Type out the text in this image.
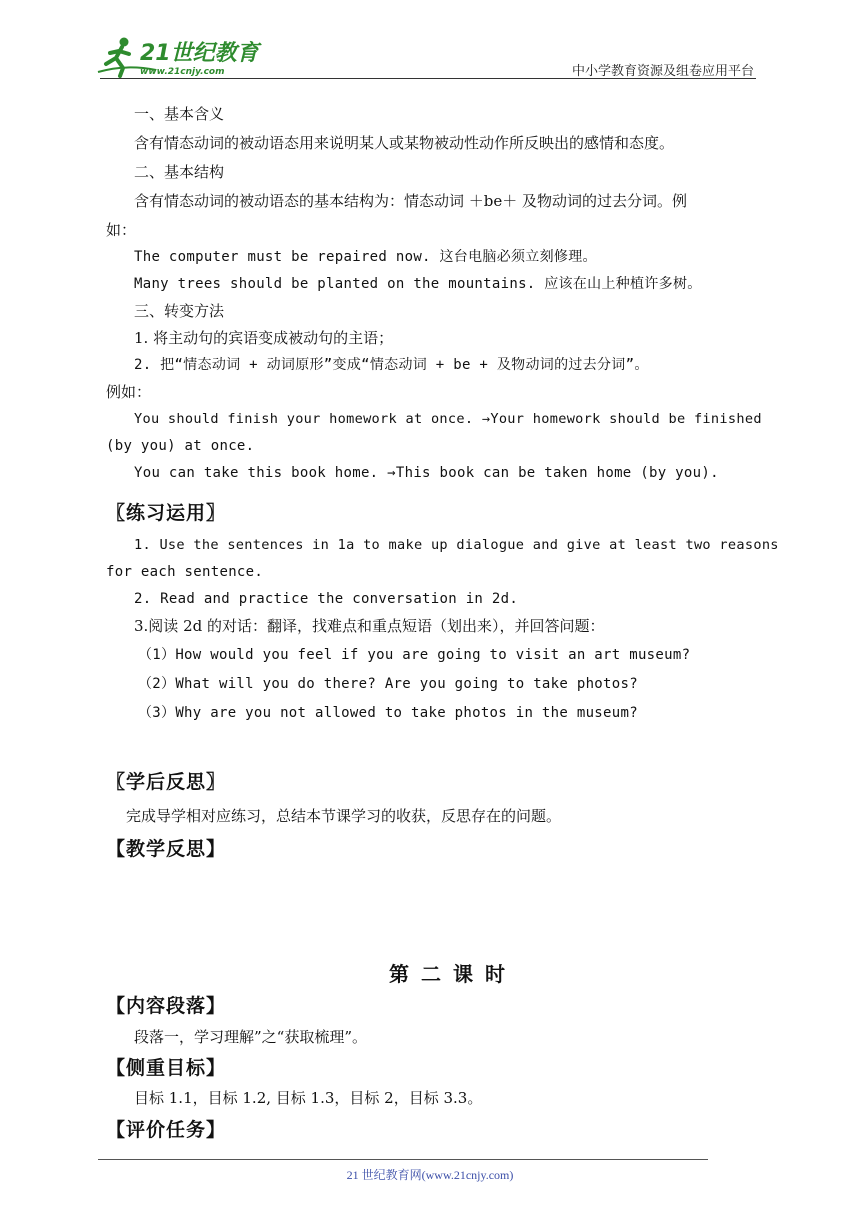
21世纪教育
www.21cnjy.com	中小学教育资源及组卷应用平台
一、基本含义
含有情态动词的被动语态用来说明某人或某物被动性动作所反映出的感情和态度。
二、基本结构
含有情态动词的被动语态的基本结构为：情态动词 ＋be＋ 及物动词的过去分词。例
如：
The computer must be repaired now. 这台电脑必须立刻修理。
Many trees should be planted on the mountains. 应该在山上种植许多树。
三、转变方法
1. 将主动句的宾语变成被动句的主语；
2. 把“情态动词 + 动词原形”变成“情态动词 + be + 及物动词的过去分词”。
例如：
You should finish your homework at once. →Your homework should be finished
(by you) at once.
You can take this book home. →This book can be taken home (by you).
〖练习运用〗
1. Use the sentences in 1a to make up dialogue and give at least two reasons
for each sentence.
2. Read and practice the conversation in 2d.
3.阅读 2d 的对话：翻译，找难点和重点短语（划出来），并回答问题：
（1）How would you feel if you are going to visit an art museum?
（2）What will you do there? Are you going to take photos?
（3）Why are you not allowed to take photos in the museum?
〖学后反思〗
完成导学相对应练习，总结本节课学习的收获，反思存在的问题。
【教学反思】
第二课时
【内容段落】
段落一，学习理解”之“获取梳理”。
【侧重目标】
目标 1.1，目标 1.2, 目标 1.3，目标 2，目标 3.3。
【评价任务】
21 世纪教育网(www.21cnjy.com)
